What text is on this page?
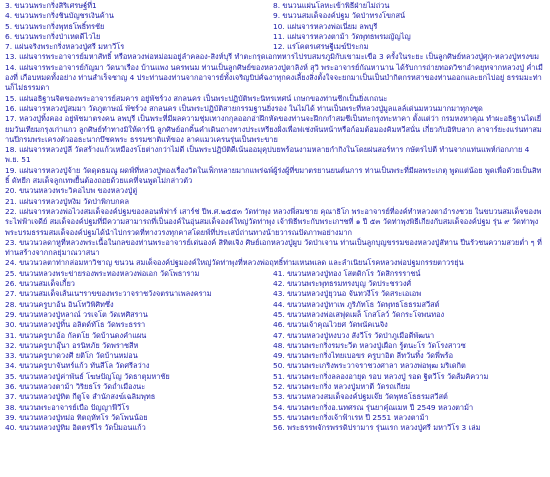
3. ขนวนพระกริ่งสิริเศรษฐ์ที่1	8. ขนวนแผ่นโลหะเข้าพิธีฝ่ายไม่ถ่วน
4. ขนวนพระกริ่งชินบัญชรเงินค้าน	9. ขนวนสมเด็จองค์ปฐม วัดป่าทรงโขกสน์
5. ขนวนพระกริ่งพุทธโพธิ์ทรชัย	10. แผ่นจารหลวงพ่อเนี่ยม ลพบุรี
6. ขนวนพระกริ่งป่าเหตดีไวไย	11. แผ่นจารหลวงตาม้า วัดพุทธพรมญัญไญ
7. แผ่นจริงพระกริ่งหลวงปู่ศรี มหาวีโร	12. แร่โคตรเศรษฐีเมฆ์ปิระกม
13. แผ่นจารพระอาจารย์มหาสัทธิ์ หรือหลวงพ่อหม่อมอยู่ลำคลอง-สิงห์บุรี ทำตะกรุดเอกทหารไปรบสมรภูมิกับเขามะเขือ 3 ครั้งในระยะ เป็นลูกศิษย์หลวงปู่ศุก-หลวงปู่ทรงขม
14. แผ่นจารพระอาจารย์กัญมา วัดนาเรือง บ้านแพง นครพนม ท่านเป็นลูกศิษย์ของหลวงปู่ตาลิงห์ สุวิ พระอาจารย์กัณหานาน ได้รับการถ่ายทอดวิชาอำคยุทจากหลวงปู่ ค่ำเมืองที่ เกือบหมดทั้งอย่าง ท่านสำเร็จชาญ 4 ประท่านองท่านจากอาจารย์ทั้งเจริญบิปศ์ฉงาทุกคงเลี้ยงสิ่งตั้งใจจะยกมาเป็นเป็นบำกิตกรหสาของท่านออกและยกไปอยู่ ธรรมมะท่านก็ไม่ธรรมดา
15. แผ่นอธิฐานจิตของพระอาจารย์สมคาร อยู่พัชร์วง สกลนคร เป็นพระปฏิบัติพระนิทรเทศน์ เกษกของท่านชีกเป็นยิ่งเกถนะ
16. แผ่นจารหลวงปู่สมมา วัดภูตาษณ์ พัชร์วง สกลนคร เป็นพระปฏิบัติสายกรรมฐานยิ่งรอง ในไม่ได้ ท่านเป็นพระที่หลวงปู่มูลแลล์เด่นมหวนมากมาทุกงชุด
17. หลวงปู่ทิ้งคอง อยู่พัชมาตรงคน ลพบุรี เป็นพระที่มีผลความชุ่มเทางกกุลออกอ่าฝึกหัดของท่านจะฝึกกกำสมชีเป็นทะกรุงทะหาคา ตั้งแต่ว่า กรมหงหาคุณ ทำผะอธิฐานไดเยี่ยมวันเทียมกรุงเก่าแกว ลูกศิษย์ทำทางมิให้ดาร์นิ ลูกศิษย์อกคิ้นคำเดินถางทางประเหรียงฝั่งเพื่อฟเช่งพ้นหน้าหรือก์อมต้อมองคิมหวีสนั่น เกี่ยวกับอิทิบลาก ลาจาร์ยะงแร่นทาสมานปีกรมพระเครงตัวออธะนากบึชคพระ ธรรมชาติแท้ของ ลาคแมวเครนรุ่นเป็นพระขาย
18. แผ่นจารหลวงปู่ลี วัดสร้างแก้วเหมืองรโยต่างกว่าไม่ดี เป็นพระปฏิบัติดีเน้นออมุคุปบยพร้อนงามหลายกำกิงในโดยฝนสอร์หาร กษัตรไปตี ทำนจากแท่นแพห์ก่อกภาย 4 พ.ย. 51
19. แผ่นจารหลวงปู่จ้าย วัดดุดธมณู ผดฟ์ที่หลวงปู่ทองเรื่องวิดในเฟ็กหลายมากแพร่ฉพ์ผู้ร่งผู้ที่ขมาตรยานยนต์นการ ท่านเป็นพระที่มีผลพระเกตุ พูดแต่น้อย พูดเพื่อดัวยเป็นสิทธิ์ ดัทยีก สมเด็จลูกเทพยื้นต้องถอยด้วยแคที่จนพูดไม่กล่าวตัว
20. ขนวนหลวงพระวิคอไบพ ของหลวงปู่ดู่
21. แผ่นจารหลวงปู่หงิม วัดป่าพิกบกคล
22. แผ่นจารหลวงพ่อไวงสมเด็จองค์ปฐมของลอนฟ์ฟาร์ เสาร์ช่ ปีพ.ศ.๒๕๕๓ วัดท่าพุง หลวงพี่สมชาย คุณาธิโก พระอาจารย์ที่องค์ทำหลวงตาอำรงชวย ในขบวนสมเด็จของพระไฟฟ้าเจดีย์ สมเด็จองค์ปฐมที่มีความสามารถที่เป็นองค์ในอุ่นสมเด็จองค์ใหญ่วัดท่าพุง เจ้าพิธีพระกับพระเกฯชที่ ๑ ปี ๕๓ วัดท่าพุงพิธีเกียงกับสมเด็จองค์ปฐม รุ่น ๙ วัดท่าพุง พระบรมธรรมสมเด็จองค์ปฐมได้นำไปกรวดที่ทางวรงทุกคาสโดยฟ์ที่ประเสบ์ถ่านทางน้ายวารณปัดภาพอย่างมาก
23. ขนวนวลดาหูที่หลวงพระเนื้อในกลของท่านพระอาจารย์เด่นองค์ สิทิตเจิง ศิษย์เอกหลวงปู่ผูบ วัดป่าเจาน ท่านเป็นลูกบุญขรรมของหลวงปู่สัหาน ปีนรัวชนความสวยต่ำ ๆ ที่ท่านสร้างจากกลยุ่มาณวาสนา
24. ขนวนวลตาท่ากล่อมหาวิชาญ ขนวน สมเด็จองค์ปฐมองค์ใหญ่วัดท่าพุงที่หลวงพ่อฤทธิ์ท่ามเหนพเลด และลำเนิยนโรคหลวงพ่อปฐมกรรยตาวรยุ่น
25. ขนวนหลวงพระข่ายรองพระทองหลวงพ่อเอก วัดโพธาราม	41. ขนวนหลวงปู่ทอง โสตดิกโร วัดสิกรรราชน์
26. ขนวนสมเด็จเกี้ยว	42. ขนวนพระพุทธรมทรงบุญ วัดประชรวงศ์
27. ขนวนสมเด็จเส้นเนฯราขของพระวาจราชวังจตรนาเพลงคราม	43. ขนวนหลวงปู่ยุวนอ จันทวงีโร วัดสระเอเอพ
28. ขนวนครูบาอ้น อินโทวิพิศิทซึ่ง	44. ขนวนหลวงปู่ทาเพ ภูริภัทโธ วัดพุทธโธธรมสวีสต์
29. ขนวนหลวงปู่หลาณ์ วรเจโต วัดเทศิสราน	45. ขนวนหลวงพ่อเสฟุดเผล็ โกสโลว์ วัดกระโจพนทอง
30. ขนวนหลวงปู่ทิ้น อลิตด์ทัโธ วัดพระธรรา	46. ขนวนเจ้าคุณไวยศ วัดพนัคเนจิง
31. ขนวนครูบาอ้อ กัลตโย วัดบ้านดงคำแผน	47. ขนวนหลวงปู่หงบวง สังวีโร วัดป่าภูเมือดีพัฒนา
32. ขนวนครูบาอุ๊นา อรนิทภัย วัดพราชสีห	48. ขนวนพระกริ่งรมระวีต หลวงปู่เผือก รู้ตนะโร วัดโรงสาวซ
33. ขนวนครูบาดวงศี ยติโก วัดบ้านหม่อน	49. ขนวนพระกริ่งไทยเบอขร ครูบาอิต ลีทวันทิ้ง วัดพี่พร้อ
34. ขนวนครูบาจันทร์แก้ว ทันสีโล วัดศรีลว่าง	50. ขนวนพระเกริงพระวาจราชวงศาลา หลวงพ่อพุฒ มริเดกิต
35. ขนวนหลวงปู่ค่าพันธ์ โฆษปัญโญ วัดธาตุมหาชัย	51. ขนวนพระกริ่งลลองอายุด รอบ หลวงปู่ รอด ฐิตวีโร วัดส้มคิความ
36. ขนวนหลวงตาม้า วิริยธโร วัดถ่ำเมืองนะ	52. ขนวนพระกริ่ง หลวงปู่มหาตี วัดรถเกียม
37. ขนวนหลวงปู่ทิต กีตูโจ สำนักสงฆ์เฉลิมพุทธ	53. ขนวนหลวงสมเด็จองค์ปฐมเจ๊ย วัดพุทธโธธรมสวีสต์
38. ขนวนพระอาจารย์เบือ ปัญญาฟีวีโร	54. ขนวนพระกริ่งอ.นทศรณ รุ่นยาคุ๋ณเมห ปี 2549 หลวงตาม้า
39. ขนวนหลวงปู่ทม่อ ทิตฤหัทโร วัดโพนน้อย	55. ขนวนพระกริ่งเจ้าฟ้าเรห ปี 2551 หลวงตาม้า
40. ขนวนหลวงปู่ทิม อิตตรรีไร วัดป็มอนแก้ว	56. พระธรรพจักรพรรดิปรามาร รุ่นแรก หลวงปู่ศรี มหาวีโร 3 เล่ม
